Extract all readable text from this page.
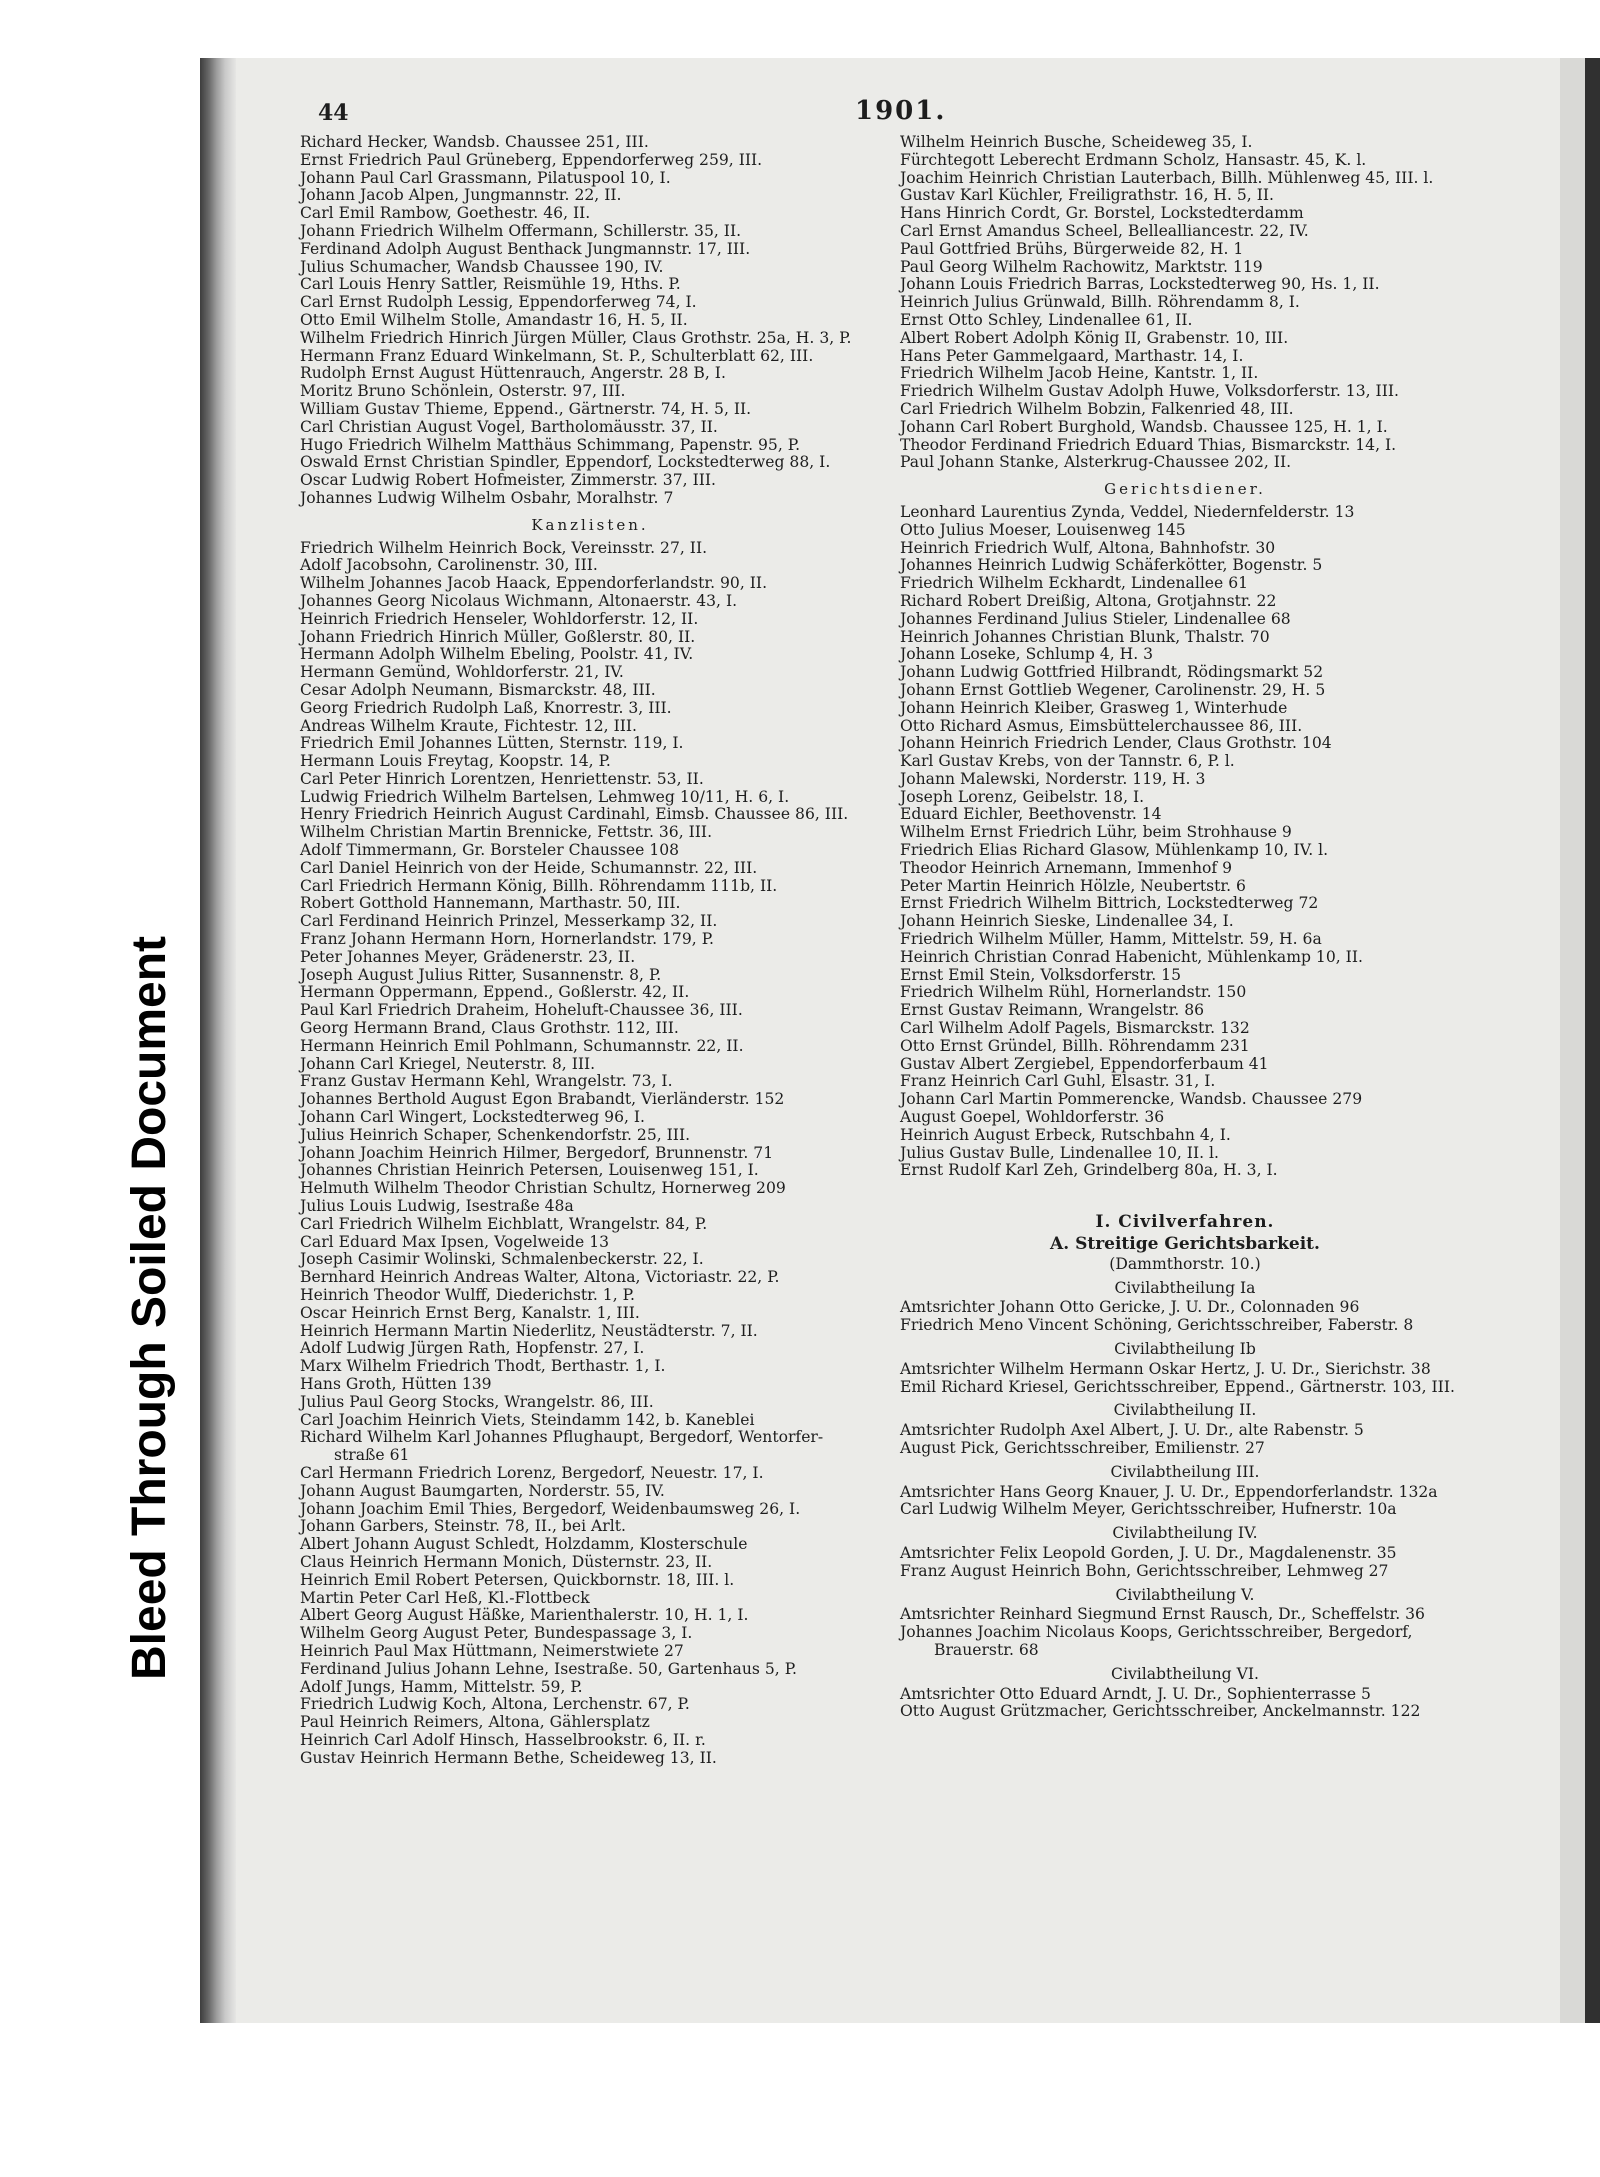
Bleed Through Soiled Document
44	1901.
Richard Hecker, Wandsb. Chaussee 251, III.
Ernst Friedrich Paul Grüneberg, Eppendorferweg 259, III.
Johann Paul Carl Grassmann, Pilatuspool 10, I.
Johann Jacob Alpen, Jungmannstr. 22, II.
Carl Emil Rambow, Goethestr. 46, II.
Johann Friedrich Wilhelm Offermann, Schillerstr. 35, II.
Ferdinand Adolph August Benthack Jungmannstr. 17, III.
Julius Schumacher, Wandsb Chaussee 190, IV.
Carl Louis Henry Sattler, Reismühle 19, Hths. P.
Carl Ernst Rudolph Lessig, Eppendorferweg 74, I.
Otto Emil Wilhelm Stolle, Amandastr 16, H. 5, II.
Wilhelm Friedrich Hinrich Jürgen Müller, Claus Grothstr. 25a, H. 3, P.
Hermann Franz Eduard Winkelmann, St. P., Schulterblatt 62, III.
Rudolph Ernst August Hüttenrauch, Angerstr. 28 B, I.
Moritz Bruno Schönlein, Osterstr. 97, III.
William Gustav Thieme, Eppend., Gärtnerstr. 74, H. 5, II.
Carl Christian August Vogel, Bartholomäusstr. 37, II.
Hugo Friedrich Wilhelm Matthäus Schimmang, Papenstr. 95, P.
Oswald Ernst Christian Spindler, Eppendorf, Lockstedterweg 88, I.
Oscar Ludwig Robert Hofmeister, Zimmerstr. 37, III.
Johannes Ludwig Wilhelm Osbahr, Moralhstr. 7
Kanzlisten.
Friedrich Wilhelm Heinrich Bock, Vereinsstr. 27, II.
Adolf Jacobsohn, Carolinenstr. 30, III.
Wilhelm Johannes Jacob Haack, Eppendorferlandstr. 90, II.
Johannes Georg Nicolaus Wichmann, Altonaerstr. 43, I.
Heinrich Friedrich Henseler, Wohldorferstr. 12, II.
Johann Friedrich Hinrich Müller, Goßlerstr. 80, II.
Hermann Adolph Wilhelm Ebeling, Poolstr. 41, IV.
Hermann Gemünd, Wohldorferstr. 21, IV.
Cesar Adolph Neumann, Bismarckstr. 48, III.
Georg Friedrich Rudolph Laß, Knorrestr. 3, III.
Andreas Wilhelm Kraute, Fichtestr. 12, III.
Friedrich Emil Johannes Lütten, Sternstr. 119, I.
Hermann Louis Freytag, Koopstr. 14, P.
Carl Peter Hinrich Lorentzen, Henriettenstr. 53, II.
Ludwig Friedrich Wilhelm Bartelsen, Lehmweg 10/11, H. 6, I.
Henry Friedrich Heinrich August Cardinahl, Eimsb. Chaussee 86, III.
Wilhelm Christian Martin Brennicke, Fettstr. 36, III.
Adolf Timmermann, Gr. Borsteler Chaussee 108
Carl Daniel Heinrich von der Heide, Schumannstr. 22, III.
Carl Friedrich Hermann König, Billh. Röhrendamm 111b, II.
Robert Gotthold Hannemann, Marthastr. 50, III.
Carl Ferdinand Heinrich Prinzel, Messerkamp 32, II.
Franz Johann Hermann Horn, Hornerlandstr. 179, P.
Peter Johannes Meyer, Grädenerstr. 23, II.
Joseph August Julius Ritter, Susannenstr. 8, P.
Hermann Oppermann, Eppend., Goßlerstr. 42, II.
Paul Karl Friedrich Draheim, Hoheluft-Chaussee 36, III.
Georg Hermann Brand, Claus Grothstr. 112, III.
Hermann Heinrich Emil Pohlmann, Schumannstr. 22, II.
Johann Carl Kriegel, Neuterstr. 8, III.
Franz Gustav Hermann Kehl, Wrangelstr. 73, I.
Johannes Berthold August Egon Brabandt, Vierländerstr. 152
Johann Carl Wingert, Lockstedterweg 96, I.
Julius Heinrich Schaper, Schenkendorfstr. 25, III.
Johann Joachim Heinrich Hilmer, Bergedorf, Brunnenstr. 71
Johannes Christian Heinrich Petersen, Louisenweg 151, I.
Helmuth Wilhelm Theodor Christian Schultz, Hornerweg 209
Julius Louis Ludwig, Isestraße 48a
Carl Friedrich Wilhelm Eichblatt, Wrangelstr. 84, P.
Carl Eduard Max Ipsen, Vogelweide 13
Joseph Casimir Wolinski, Schmalenbeckerstr. 22, I.
Bernhard Heinrich Andreas Walter, Altona, Victoriastr. 22, P.
Heinrich Theodor Wulff, Diederichstr. 1, P.
Oscar Heinrich Ernst Berg, Kanalstr. 1, III.
Heinrich Hermann Martin Niederlitz, Neustädterstr. 7, II.
Adolf Ludwig Jürgen Rath, Hopfenstr. 27, I.
Marx Wilhelm Friedrich Thodt, Berthastr. 1, I.
Hans Groth, Hütten 139
Julius Paul Georg Stocks, Wrangelstr. 86, III.
Carl Joachim Heinrich Viets, Steindamm 142, b. Kaneblei
Richard Wilhelm Karl Johannes Pflughaupt, Bergedorf, Wentorfer-
straße 61
Carl Hermann Friedrich Lorenz, Bergedorf, Neuestr. 17, I.
Johann August Baumgarten, Norderstr. 55, IV.
Johann Joachim Emil Thies, Bergedorf, Weidenbaumsweg 26, I.
Johann Garbers, Steinstr. 78, II., bei Arlt.
Albert Johann August Schledt, Holzdamm, Klosterschule
Claus Heinrich Hermann Monich, Düsternstr. 23, II.
Heinrich Emil Robert Petersen, Quickbornstr. 18, III. l.
Martin Peter Carl Heß, Kl.-Flottbeck
Albert Georg August Häßke, Marienthalerstr. 10, H. 1, I.
Wilhelm Georg August Peter, Bundespassage 3, I.
Heinrich Paul Max Hüttmann, Neimerstwiete 27
Ferdinand Julius Johann Lehne, Isestraße. 50, Gartenhaus 5, P.
Adolf Jungs, Hamm, Mittelstr. 59, P.
Friedrich Ludwig Koch, Altona, Lerchenstr. 67, P.
Paul Heinrich Reimers, Altona, Gählersplatz
Heinrich Carl Adolf Hinsch, Hasselbrookstr. 6, II. r.
Gustav Heinrich Hermann Bethe, Scheideweg 13, II.
Wilhelm Heinrich Busche, Scheideweg 35, I.
Fürchtegott Leberecht Erdmann Scholz, Hansastr. 45, K. l.
Joachim Heinrich Christian Lauterbach, Billh. Mühlenweg 45, III. l.
Gustav Karl Küchler, Freiligrathstr. 16, H. 5, II.
Hans Hinrich Cordt, Gr. Borstel, Lockstedterdamm
Carl Ernst Amandus Scheel, Bellealliancestr. 22, IV.
Paul Gottfried Brühs, Bürgerweide 82, H. 1
Paul Georg Wilhelm Rachowitz, Marktstr. 119
Johann Louis Friedrich Barras, Lockstedterweg 90, Hs. 1, II.
Heinrich Julius Grünwald, Billh. Röhrendamm 8, I.
Ernst Otto Schley, Lindenallee 61, II.
Albert Robert Adolph König II, Grabenstr. 10, III.
Hans Peter Gammelgaard, Marthastr. 14, I.
Friedrich Wilhelm Jacob Heine, Kantstr. 1, II.
Friedrich Wilhelm Gustav Adolph Huwe, Volksdorferstr. 13, III.
Carl Friedrich Wilhelm Bobzin, Falkenried 48, III.
Johann Carl Robert Burghold, Wandsb. Chaussee 125, H. 1, I.
Theodor Ferdinand Friedrich Eduard Thias, Bismarckstr. 14, I.
Paul Johann Stanke, Alsterkrug-Chaussee 202, II.
Gerichtsdiener.
Leonhard Laurentius Zynda, Veddel, Niedernfelderstr. 13
Otto Julius Moeser, Louisenweg 145
Heinrich Friedrich Wulf, Altona, Bahnhofstr. 30
Johannes Heinrich Ludwig Schäferkötter, Bogenstr. 5
Friedrich Wilhelm Eckhardt, Lindenallee 61
Richard Robert Dreißig, Altona, Grotjahnstr. 22
Johannes Ferdinand Julius Stieler, Lindenallee 68
Heinrich Johannes Christian Blunk, Thalstr. 70
Johann Loseke, Schlump 4, H. 3
Johann Ludwig Gottfried Hilbrandt, Rödingsmarkt 52
Johann Ernst Gottlieb Wegener, Carolinenstr. 29, H. 5
Johann Heinrich Kleiber, Grasweg 1, Winterhude
Otto Richard Asmus, Eimsbüttelerchaussee 86, III.
Johann Heinrich Friedrich Lender, Claus Grothstr. 104
Karl Gustav Krebs, von der Tannstr. 6, P. l.
Johann Malewski, Norderstr. 119, H. 3
Joseph Lorenz, Geibelstr. 18, I.
Eduard Eichler, Beethovenstr. 14
Wilhelm Ernst Friedrich Lühr, beim Strohhause 9
Friedrich Elias Richard Glasow, Mühlenkamp 10, IV. l.
Theodor Heinrich Arnemann, Immenhof 9
Peter Martin Heinrich Hölzle, Neubertstr. 6
Ernst Friedrich Wilhelm Bittrich, Lockstedterweg 72
Johann Heinrich Sieske, Lindenallee 34, I.
Friedrich Wilhelm Müller, Hamm, Mittelstr. 59, H. 6a
Heinrich Christian Conrad Habenicht, Mühlenkamp 10, II.
Ernst Emil Stein, Volksdorferstr. 15
Friedrich Wilhelm Rühl, Hornerlandstr. 150
Ernst Gustav Reimann, Wrangelstr. 86
Carl Wilhelm Adolf Pagels, Bismarckstr. 132
Otto Ernst Gründel, Billh. Röhrendamm 231
Gustav Albert Zergiebel, Eppendorferbaum 41
Franz Heinrich Carl Guhl, Elsastr. 31, I.
Johann Carl Martin Pommerencke, Wandsb. Chaussee 279
August Goepel, Wohldorferstr. 36
Heinrich August Erbeck, Rutschbahn 4, I.
Julius Gustav Bulle, Lindenallee 10, II. l.
Ernst Rudolf Karl Zeh, Grindelberg 80a, H. 3, I.
I. Civilverfahren.
A. Streitige Gerichtsbarkeit.
(Dammthorstr. 10.)
Civilabtheilung Ia
Amtsrichter Johann Otto Gericke, J. U. Dr., Colonnaden 96
Friedrich Meno Vincent Schöning, Gerichtsschreiber, Faberstr. 8
Civilabtheilung Ib
Amtsrichter Wilhelm Hermann Oskar Hertz, J. U. Dr., Sierichstr. 38
Emil Richard Kriesel, Gerichtsschreiber, Eppend., Gärtnerstr. 103, III.
Civilabtheilung II.
Amtsrichter Rudolph Axel Albert, J. U. Dr., alte Rabenstr. 5
August Pick, Gerichtsschreiber, Emilienstr. 27
Civilabtheilung III.
Amtsrichter Hans Georg Knauer, J. U. Dr., Eppendorferlandstr. 132a
Carl Ludwig Wilhelm Meyer, Gerichtsschreiber, Hufnerstr. 10a
Civilabtheilung IV.
Amtsrichter Felix Leopold Gorden, J. U. Dr., Magdalenenstr. 35
Franz August Heinrich Bohn, Gerichtsschreiber, Lehmweg 27
Civilabtheilung V.
Amtsrichter Reinhard Siegmund Ernst Rausch, Dr., Scheffelstr. 36
Johannes Joachim Nicolaus Koops, Gerichtsschreiber, Bergedorf,
Brauerstr. 68
Civilabtheilung VI.
Amtsrichter Otto Eduard Arndt, J. U. Dr., Sophienterrasse 5
Otto August Grützmacher, Gerichtsschreiber, Anckelmannstr. 122
